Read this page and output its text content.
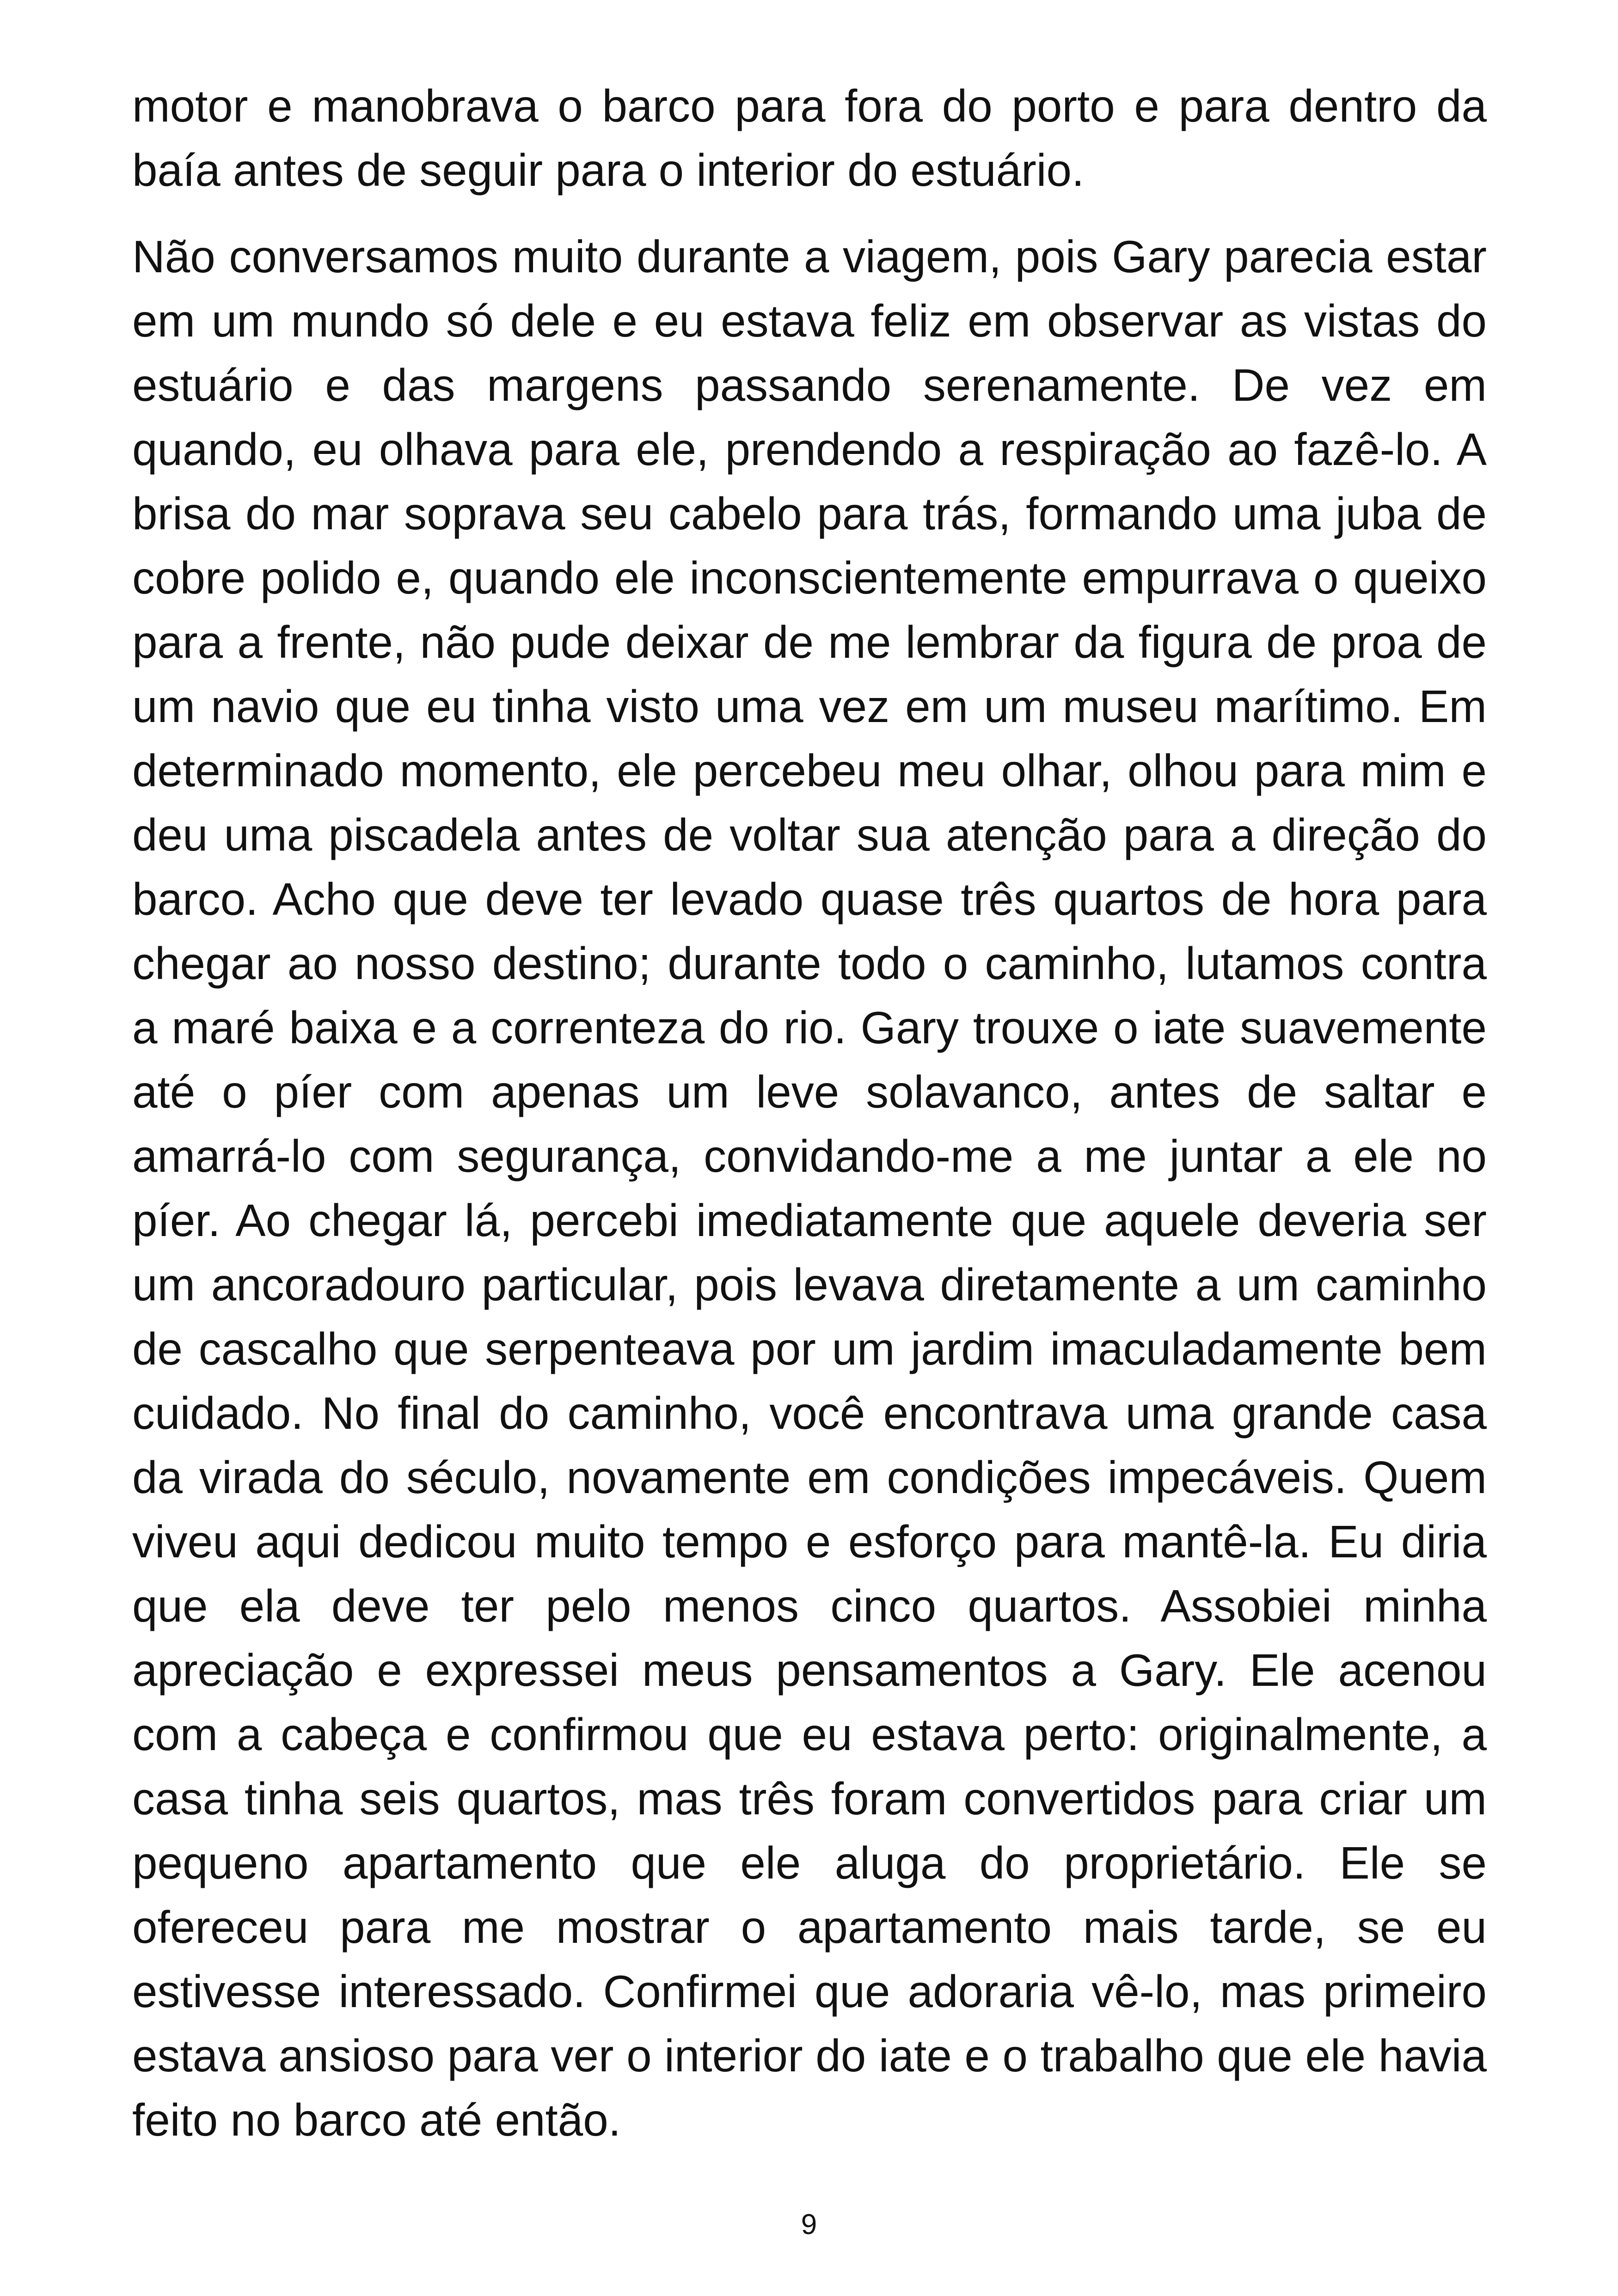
motor e manobrava o barco para fora do porto e para dentro da baía antes de seguir para o interior do estuário.

Não conversamos muito durante a viagem, pois Gary parecia estar em um mundo só dele e eu estava feliz em observar as vistas do estuário e das margens passando serenamente. De vez em quando, eu olhava para ele, prendendo a respiração ao fazê-lo. A brisa do mar soprava seu cabelo para trás, formando uma juba de cobre polido e, quando ele inconscientemente empurrava o queixo para a frente, não pude deixar de me lembrar da figura de proa de um navio que eu tinha visto uma vez em um museu marítimo. Em determinado momento, ele percebeu meu olhar, olhou para mim e deu uma piscadela antes de voltar sua atenção para a direção do barco. Acho que deve ter levado quase três quartos de hora para chegar ao nosso destino; durante todo o caminho, lutamos contra a maré baixa e a correnteza do rio. Gary trouxe o iate suavemente até o píer com apenas um leve solavanco, antes de saltar e amarrá-lo com segurança, convidando-me a me juntar a ele no píer. Ao chegar lá, percebi imediatamente que aquele deveria ser um ancoradouro particular, pois levava diretamente a um caminho de cascalho que serpenteava por um jardim imaculadamente bem cuidado. No final do caminho, você encontrava uma grande casa da virada do século, novamente em condições impecáveis. Quem viveu aqui dedicou muito tempo e esforço para mantê-la. Eu diria que ela deve ter pelo menos cinco quartos. Assobiei minha apreciação e expressei meus pensamentos a Gary. Ele acenou com a cabeça e confirmou que eu estava perto: originalmente, a casa tinha seis quartos, mas três foram convertidos para criar um pequeno apartamento que ele aluga do proprietário. Ele se ofereceu para me mostrar o apartamento mais tarde, se eu estivesse interessado. Confirmei que adoraria vê-lo, mas primeiro estava ansioso para ver o interior do iate e o trabalho que ele havia feito no barco até então.

9
